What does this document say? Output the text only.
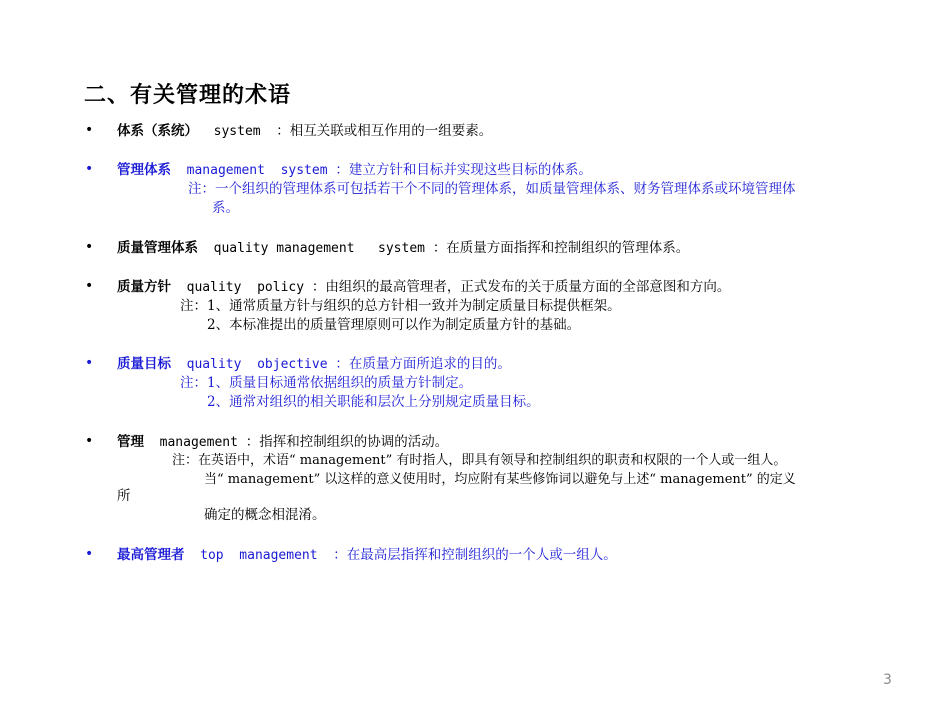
二、有关管理的术语
• 体系（系统）  system  ：相互关联或相互作用的一组要素。
• 管理体系  management  system ：建立方针和目标并实现这些目标的体系。
注：一个组织的管理体系可包括若干个不同的管理体系，如质量管理体系、财务管理体系或环境管理体
系。
• 质量管理体系  quality management   system ：在质量方面指挥和控制组织的管理体系。
• 质量方针  quality  policy ：由组织的最高管理者，正式发布的关于质量方面的全部意图和方向。
注：1、通常质量方针与组织的总方针相一致并为制定质量目标提供框架。
2、本标准提出的质量管理原则可以作为制定质量方针的基础。
• 质量目标  quality  objective ：在质量方面所追求的目的。
注：1、质量目标通常依据组织的质量方针制定。
2、通常对组织的相关职能和层次上分别规定质量目标。
• 管理  management ：指挥和控制组织的协调的活动。
注：在英语中，术语“ management” 有时指人，即具有领导和控制组织的职责和权限的一个人或一组人。
当“ management” 以这样的意义使用时，均应附有某些修饰词以避免与上述“ management” 的定义
所
确定的概念相混淆。
• 最高管理者  top  management  ：在最高层指挥和控制组织的一个人或一组人。
3
